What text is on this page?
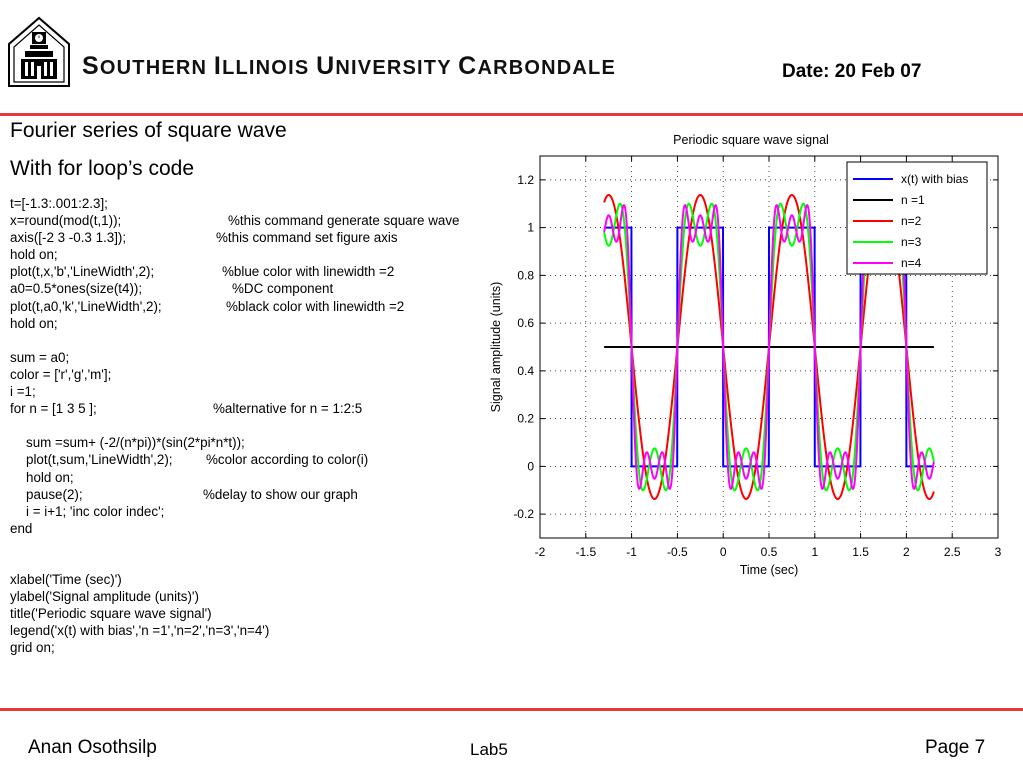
SOUTHERN ILLINOIS UNIVERSITY CARBONDALE	Date: 20 Feb 07
Fourier series of square wave
With for loop’s code
t=[-1.3:.001:2.3];
x=round(mod(t,1));	%this command generate square wave
axis([-2 3 -0.3 1.3]);	%this command set figure axis
hold on;
plot(t,x,'b','LineWidth',2);	%blue color with linewidth =2
a0=0.5*ones(size(t4));	%DC component
plot(t,a0,'k','LineWidth',2);	%black color with linewidth =2
hold on;
sum = a0;
color = ['r','g','m'];
i =1;
for n = [1 3 5 ];	%alternative for n = 1:2:5
sum =sum+ (-2/(n*pi))*(sin(2*pi*n*t));
plot(t,sum,'LineWidth',2); %color according to color(i)
hold on;
pause(2);	%delay to show our graph
i = i+1; 'inc color indec';
end
xlabel('Time (sec)')
ylabel('Signal amplitude (units)')
title('Periodic square wave signal')
legend('x(t) with bias','n =1','n=2','n=3','n=4')
grid on;
-2	-1.5	-1	-0.5	0	0.5	1	1.5	2	2.5	3
-0.2
0
0.2
0.4
0.6
0.8
1
1.2
Periodic square wave signal
Time (sec)
Signal amplitude (units)
x(t) with bias
n =1
n=2
n=3
n=4
Anan Osothsilp	Lab5	Page 7
